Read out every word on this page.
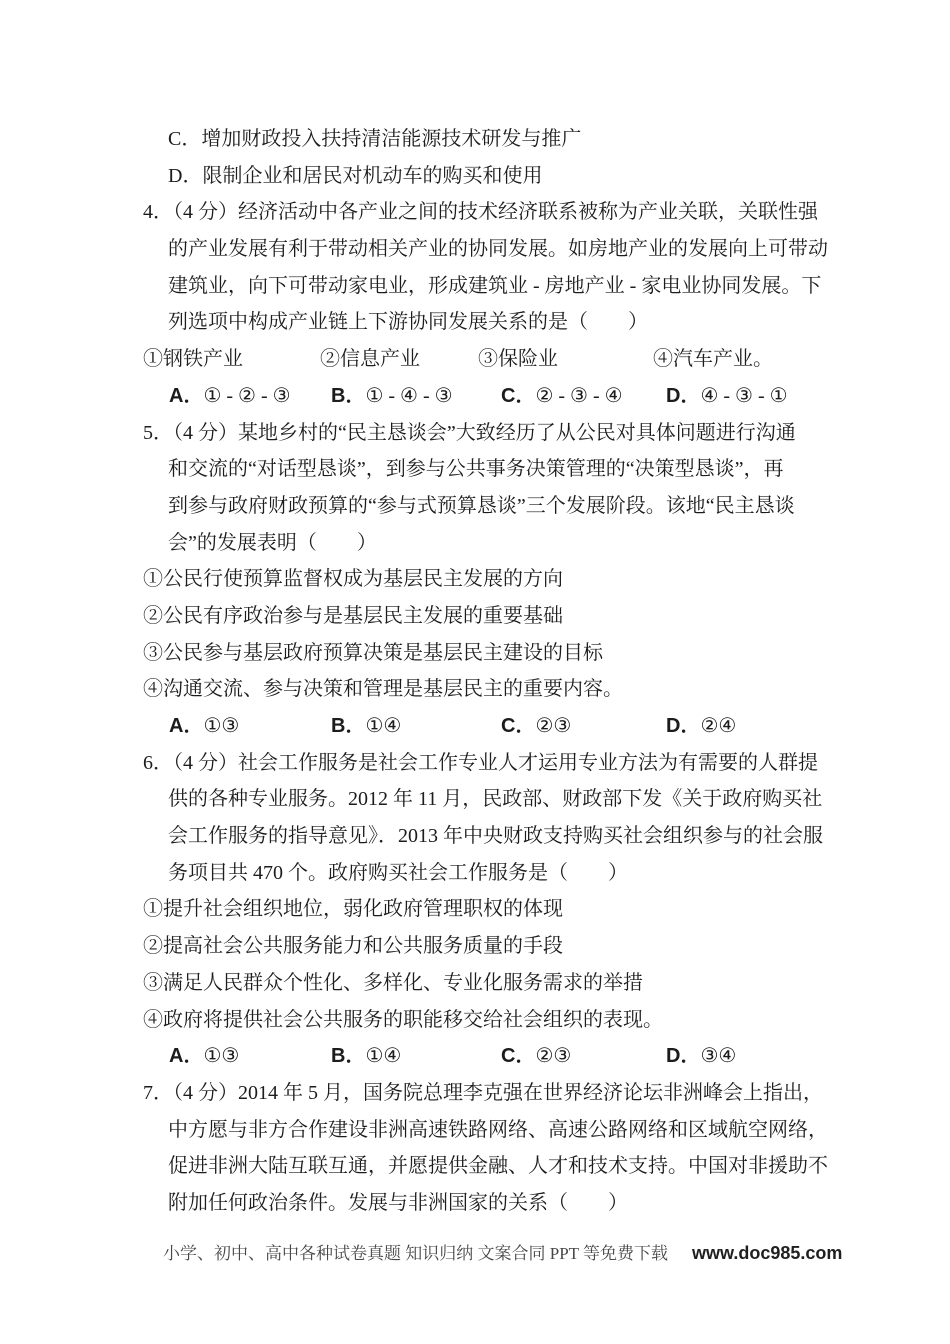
C．增加财政投入扶持清洁能源技术研发与推广
D．限制企业和居民对机动车的购买和使用
4．（4 分）经济活动中各产业之间的技术经济联系被称为产业关联，关联性强
的产业发展有利于带动相关产业的协同发展。如房地产业的发展向上可带动
建筑业，向下可带动家电业，形成建筑业 - 房地产业 - 家电业协同发展。下
列选项中构成产业链上下游协同发展关系的是（　　）
①钢铁产业	②信息产业	③保险业	④汽车产业。
A．① - ② - ③ B．① - ④ - ③ C．② - ③ - ④ D．④ - ③ - ①
5．（4 分）某地乡村的“民主恳谈会”大致经历了从公民对具体问题进行沟通
和交流的“对话型恳谈”，到参与公共事务决策管理的“决策型恳谈”，再
到参与政府财政预算的“参与式预算恳谈”三个发展阶段。该地“民主恳谈
会”的发展表明（　　）
①公民行使预算监督权成为基层民主发展的方向
②公民有序政治参与是基层民主发展的重要基础
③公民参与基层政府预算决策是基层民主建设的目标
④沟通交流、参与决策和管理是基层民主的重要内容。
A．①③	B．①④	C．②③	D．②④
6．（4 分）社会工作服务是社会工作专业人才运用专业方法为有需要的人群提
供的各种专业服务。2012 年 11 月，民政部、财政部下发《关于政府购买社
会工作服务的指导意见》．2013 年中央财政支持购买社会组织参与的社会服
务项目共 470 个。政府购买社会工作服务是（　　）
①提升社会组织地位，弱化政府管理职权的体现
②提高社会公共服务能力和公共服务质量的手段
③满足人民群众个性化、多样化、专业化服务需求的举措
④政府将提供社会公共服务的职能移交给社会组织的表现。
A．①③	B．①④	C．②③	D．③④
7．（4 分）2014 年 5 月，国务院总理李克强在世界经济论坛非洲峰会上指出，
中方愿与非方合作建设非洲高速铁路网络、高速公路网络和区域航空网络，
促进非洲大陆互联互通，并愿提供金融、人才和技术支持。中国对非援助不
附加任何政治条件。发展与非洲国家的关系（　　）
小学、初中、高中各种试卷真题 知识归纳 文案合同 PPT 等免费下载 www.doc985.com
